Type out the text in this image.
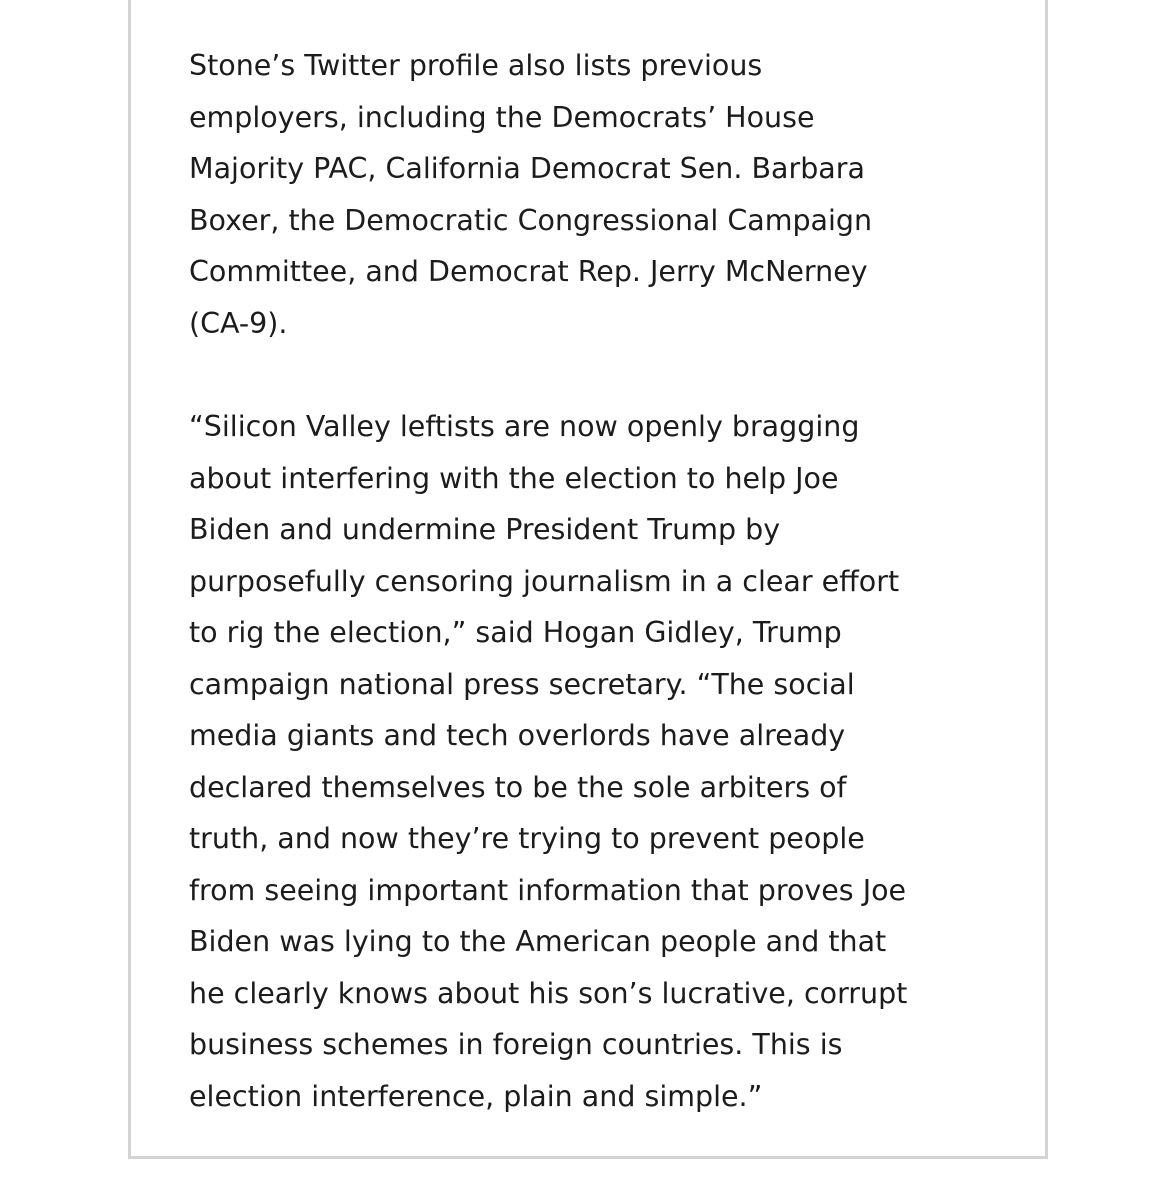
Stone’s Twitter profile also lists previous
employers, including the Democrats’ House
Majority PAC, California Democrat Sen. Barbara
Boxer, the Democratic Congressional Campaign
Committee, and Democrat Rep. Jerry McNerney
(CA-9).

“Silicon Valley leftists are now openly bragging
about interfering with the election to help Joe
Biden and undermine President Trump by
purposefully censoring journalism in a clear effort
to rig the election,” said Hogan Gidley, Trump
campaign national press secretary. “The social
media giants and tech overlords have already
declared themselves to be the sole arbiters of
truth, and now they’re trying to prevent people
from seeing important information that proves Joe
Biden was lying to the American people and that
he clearly knows about his son’s lucrative, corrupt
business schemes in foreign countries. This is
election interference, plain and simple.”
